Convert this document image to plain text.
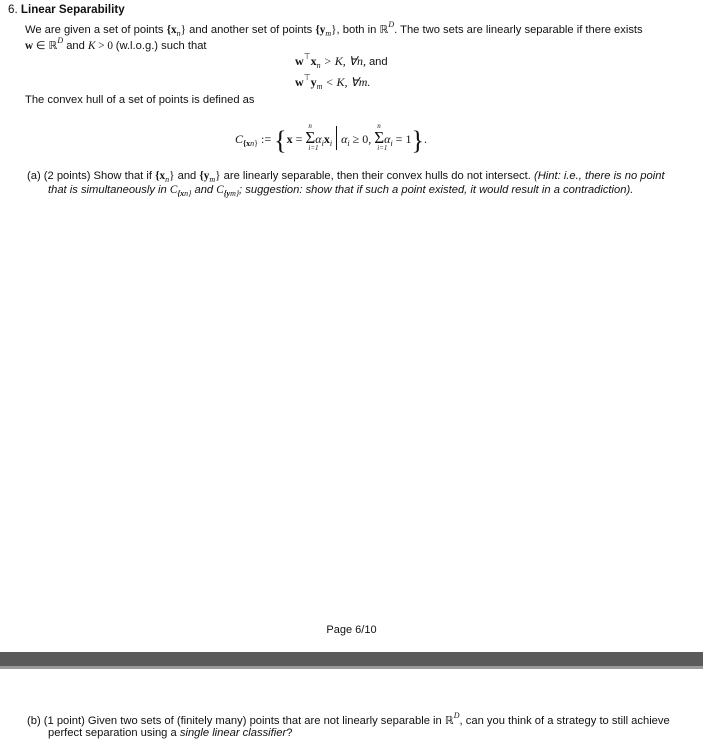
6. Linear Separability
We are given a set of points $\{x_n\}$ and another set of points $\{y_m\}$, both in ℝ$^D$. The two sets are linearly separable if there exists
w ∈ ℝ$^D$ and K > 0 (w.l.o.g.) such that
$w^⊤x_n > K$, ∀n, and
$w^⊤y_m < K$, ∀m.
The convex hull of a set of points is defined as
$C_{\{xn\}}$ := {x = Σ
n
i=1
$\alpha_ix_i$ $\alpha_i \ge 0$, Σ
n
i=1
$\alpha_i = 1$}.
(a) (2 points) Show that if $\{x_n\}$ and $\{y_m\}$ are linearly separable, then their convex hulls do not intersect. (Hint: i.e., there is no point
that is simultaneously in $C_{\{xn\}}$ and $C_{\{ym\}}$; suggestion: show that if such a point existed, it would result in a contradiction).
Page 6/10
(b) (1 point) Given two sets of (finitely many) points that are not linearly separable in ℝ$^D$, can you think of a strategy to still achieve
perfect separation using a single linear classifier?
